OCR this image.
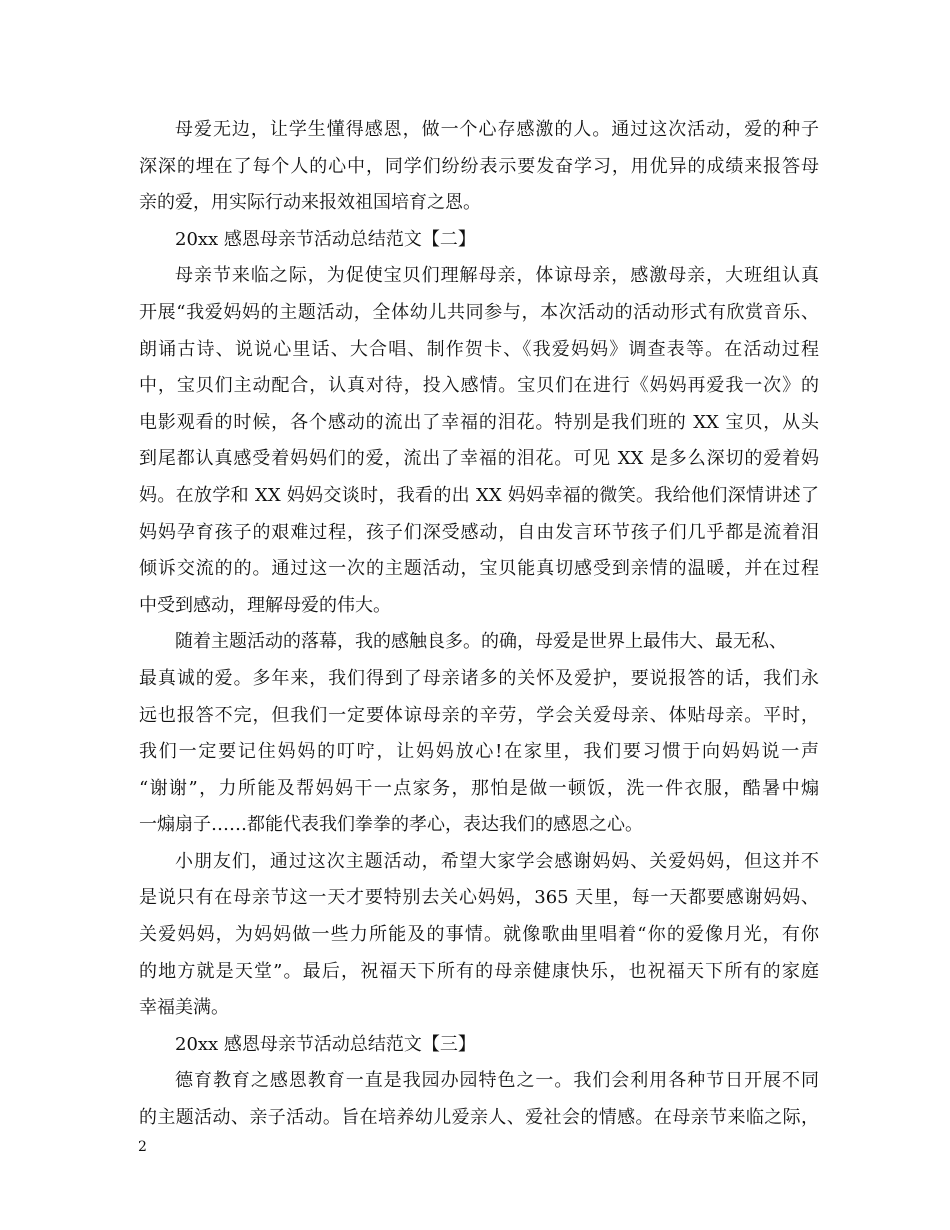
母爱无边，让学生懂得感恩，做一个心存感激的人。通过这次活动，爱的种子
深深的埋在了每个人的心中，同学们纷纷表示要发奋学习，用优异的成绩来报答母
亲的爱，用实际行动来报效祖国培育之恩。
20xx 感恩母亲节活动总结范文【二】
母亲节来临之际，为促使宝贝们理解母亲，体谅母亲，感激母亲，大班组认真
开展“我爱妈妈的主题活动，全体幼儿共同参与，本次活动的活动形式有欣赏音乐、
朗诵古诗、说说心里话、大合唱、制作贺卡、《我爱妈妈》调查表等。在活动过程
中，宝贝们主动配合，认真对待，投入感情。宝贝们在进行《妈妈再爱我一次》的
电影观看的时候，各个感动的流出了幸福的泪花。特别是我们班的 XX 宝贝，从头
到尾都认真感受着妈妈们的爱，流出了幸福的泪花。可见 XX 是多么深切的爱着妈
妈。在放学和 XX 妈妈交谈时，我看的出 XX 妈妈幸福的微笑。我给他们深情讲述了
妈妈孕育孩子的艰难过程，孩子们深受感动，自由发言环节孩子们几乎都是流着泪
倾诉交流的的。通过这一次的主题活动，宝贝能真切感受到亲情的温暖，并在过程
中受到感动，理解母爱的伟大。
随着主题活动的落幕，我的感触良多。的确，母爱是世界上最伟大、最无私、
最真诚的爱。多年来，我们得到了母亲诸多的关怀及爱护，要说报答的话，我们永
远也报答不完，但我们一定要体谅母亲的辛劳，学会关爱母亲、体贴母亲。平时，
我们一定要记住妈妈的叮咛，让妈妈放心!在家里，我们要习惯于向妈妈说一声
“谢谢”，力所能及帮妈妈干一点家务，那怕是做一顿饭，洗一件衣服，酷暑中煽
一煽扇子……都能代表我们拳拳的孝心，表达我们的感恩之心。
小朋友们，通过这次主题活动，希望大家学会感谢妈妈、关爱妈妈，但这并不
是说只有在母亲节这一天才要特别去关心妈妈，365 天里，每一天都要感谢妈妈、
关爱妈妈，为妈妈做一些力所能及的事情。就像歌曲里唱着“你的爱像月光，有你
的地方就是天堂”。最后，祝福天下所有的母亲健康快乐，也祝福天下所有的家庭
幸福美满。
20xx 感恩母亲节活动总结范文【三】
德育教育之感恩教育一直是我园办园特色之一。我们会利用各种节日开展不同
的主题活动、亲子活动。旨在培养幼儿爱亲人、爱社会的情感。在母亲节来临之际，
2
